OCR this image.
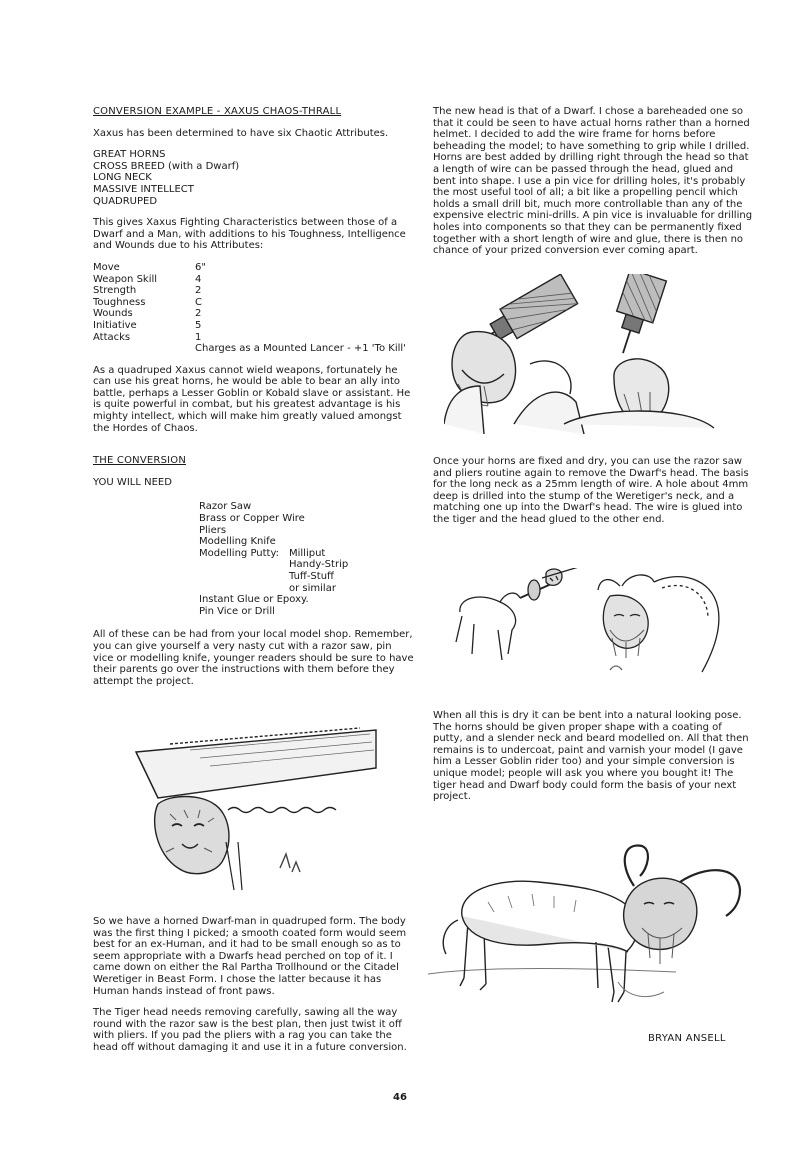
CONVERSION EXAMPLE - XAXUS CHAOS-THRALL

Xaxus has been determined to have six Chaotic Attributes.

GREAT HORNS

CROSS BREED (with a Dwarf)

LONG NECK

MASSIVE INTELLECT

QUADRUPED

This gives Xaxus Fighting Characteristics between those of a Dwarf and a Man, with additions to his Toughness, Intelligence and Wounds due to his Attributes:

Move	6"
Weapon Skill	4
Strength	2
Toughness	C
Wounds	2
Initiative	5
Attacks	1
	Charges as a Mounted Lancer - +1 'To Kill'

As a quadruped Xaxus cannot wield weapons, fortunately he can use his great horns, he would be able to bear an ally into battle, perhaps a Lesser Goblin or Kobald slave or assistant. He is quite powerful in combat, but his greatest advantage is his mighty intellect, which will make him greatly valued amongst the Hordes of Chaos.

THE CONVERSION

YOU WILL NEED

Razor Saw

Brass or Copper Wire

Pliers

Modelling Knife

Modelling Putty: Milliput

Handy-Strip

Tuff-Stuff

or similar

Instant Glue or Epoxy.

Pin Vice or Drill

All of these can be had from your local model shop. Remember, you can give yourself a very nasty cut with a razor saw, pin vice or modelling knife, younger readers should be sure to have their parents go over the instructions with them before they attempt the project.

So we have a horned Dwarf-man in quadruped form. The body was the first thing I picked; a smooth coated form would seem best for an ex-Human, and it had to be small enough so as to seem appropriate with a Dwarfs head perched on top of it. I came down on either the Ral Partha Trollhound or the Citadel Weretiger in Beast Form. I chose the latter because it has Human hands instead of front paws.

The Tiger head needs removing carefully, sawing all the way round with the razor saw is the best plan, then just twist it off with pliers. If you pad the pliers with a rag you can take the head off without damaging it and use it in a future conversion.

The new head is that of a Dwarf. I chose a bareheaded one so that it could be seen to have actual horns rather than a horned helmet. I decided to add the wire frame for horns before beheading the model; to have something to grip while I drilled. Horns are best added by drilling right through the head so that a length of wire can be passed through the head, glued and bent into shape. I use a pin vice for drilling holes, it's probably the most useful tool of all; a bit like a propelling pencil which holds a small drill bit, much more controllable than any of the expensive electric mini-drills. A pin vice is invaluable for drilling holes into components so that they can be permanently fixed together with a short length of wire and glue, there is then no chance of your prized conversion ever coming apart.

Once your horns are fixed and dry, you can use the razor saw and pliers routine again to remove the Dwarf's head. The basis for the long neck as a 25mm length of wire. A hole about 4mm deep is drilled into the stump of the Weretiger's neck, and a matching one up into the Dwarf's head. The wire is glued into the tiger and the head glued to the other end.

When all this is dry it can be bent into a natural looking pose. The horns should be given proper shape with a coating of putty, and a slender neck and beard modelled on. All that then remains is to undercoat, paint and varnish your model (I gave him a Lesser Goblin rider too) and your simple conversion is unique model; people will ask you where you bought it! The tiger head and Dwarf body could form the basis of your next project.

BRYAN ANSELL
46
